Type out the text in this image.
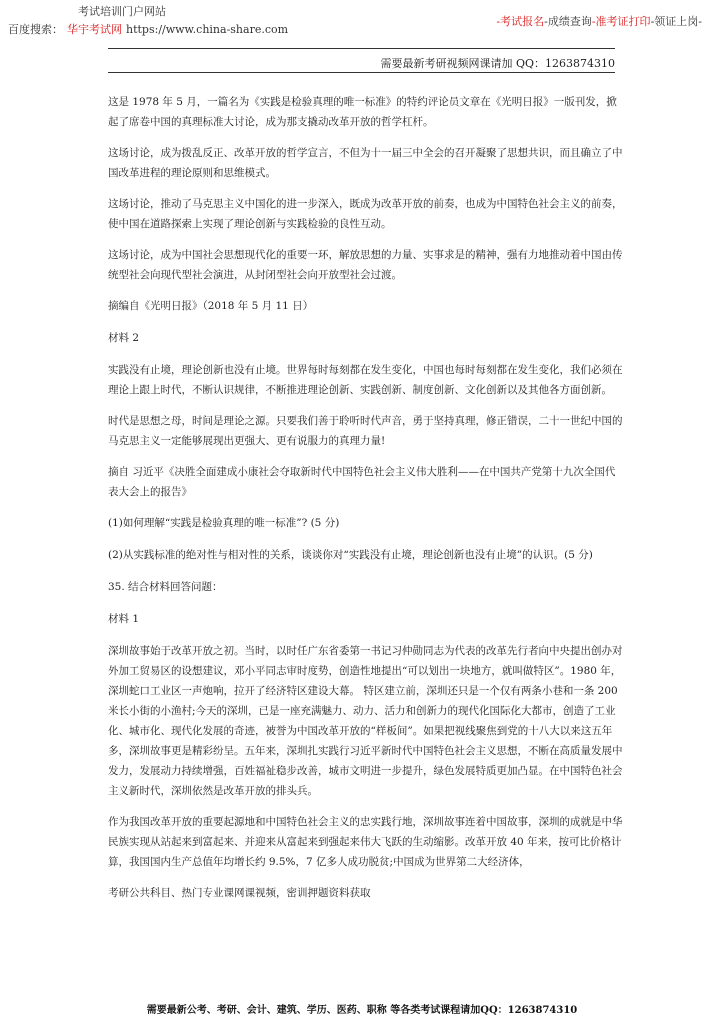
考试培训门户网站
百度搜索： 华宇考试网 https://www.china-share.com
-考试报名-成绩查询-准考证打印-领证上岗-
需要最新考研视频网课请加 QQ：1263874310

这是 1978 年 5 月，一篇名为《实践是检验真理的唯一标准》的特约评论员文章在《光明日报》一版刊发，掀起了席卷中国的真理标准大讨论，成为那支撬动改革开放的哲学杠杆。

这场讨论，成为拨乱反正、改革开放的哲学宣言，不但为十一届三中全会的召开凝聚了思想共识，而且确立了中国改革进程的理论原则和思维模式。

这场讨论，推动了马克思主义中国化的进一步深入，既成为改革开放的前奏，也成为中国特色社会主义的前奏，使中国在道路探索上实现了理论创新与实践检验的良性互动。

这场讨论，成为中国社会思想现代化的重要一环，解放思想的力量、实事求是的精神，强有力地推动着中国由传统型社会向现代型社会演进，从封闭型社会向开放型社会过渡。

摘编自《光明日报》（2018 年 5 月 11 日）

材料 2

实践没有止境，理论创新也没有止境。世界每时每刻都在发生变化，中国也每时每刻都在发生变化，我们必须在理论上跟上时代，不断认识规律，不断推进理论创新、实践创新、制度创新、文化创新以及其他各方面创新。

时代是思想之母，时间是理论之源。只要我们善于聆听时代声音，勇于坚持真理，修正错误，二十一世纪中国的马克思主义一定能够展现出更强大、更有说服力的真理力量!

摘自 习近平《决胜全面建成小康社会夺取新时代中国特色社会主义伟大胜利——在中国共产党第十九次全国代表大会上的报告》

(1)如何理解“实践是检验真理的唯一标准”? (5 分)

(2)从实践标准的绝对性与相对性的关系，谈谈你对“实践没有止境，理论创新也没有止境”的认识。(5 分)

35. 结合材料回答问题：

材料 1

深圳故事始于改革开放之初。当时，以时任广东省委第一书记习仲勋同志为代表的改革先行者向中央提出创办对外加工贸易区的设想建议，邓小平同志审时度势，创造性地提出“可以划出一块地方，就叫做特区”。1980 年，深圳蛇口工业区一声炮响，拉开了经济特区建设大幕。 特区建立前，深圳还只是一个仅有两条小巷和一条 200 米长小街的小渔村;今天的深圳，已是一座充满魅力、动力、活力和创新力的现代化国际化大都市，创造了工业化、城市化、现代化发展的奇迹，被誉为中国改革开放的“样板间”。如果把视线聚焦到党的十八大以来这五年多，深圳故事更是精彩纷呈。五年来，深圳扎实践行习近平新时代中国特色社会主义思想，不断在高质量发展中发力，发展动力持续增强，百姓福祉稳步改善，城市文明进一步提升，绿色发展特质更加凸显。在中国特色社会主义新时代，深圳依然是改革开放的排头兵。

作为我国改革开放的重要起源地和中国特色社会主义的忠实践行地，深圳故事连着中国故事，深圳的成就是中华民族实现从站起来到富起来、并迎来从富起来到强起来伟大飞跃的生动缩影。改革开放 40 年来，按可比价格计算，我国国内生产总值年均增长约 9.5%，7 亿多人成功脱贫;中国成为世界第二大经济体，

考研公共科目、热门专业课网课视频，密训押题资料获取

需要最新公考、考研、会计、建筑、学历、医药、职称 等各类考试课程请加QQ：1263874310
